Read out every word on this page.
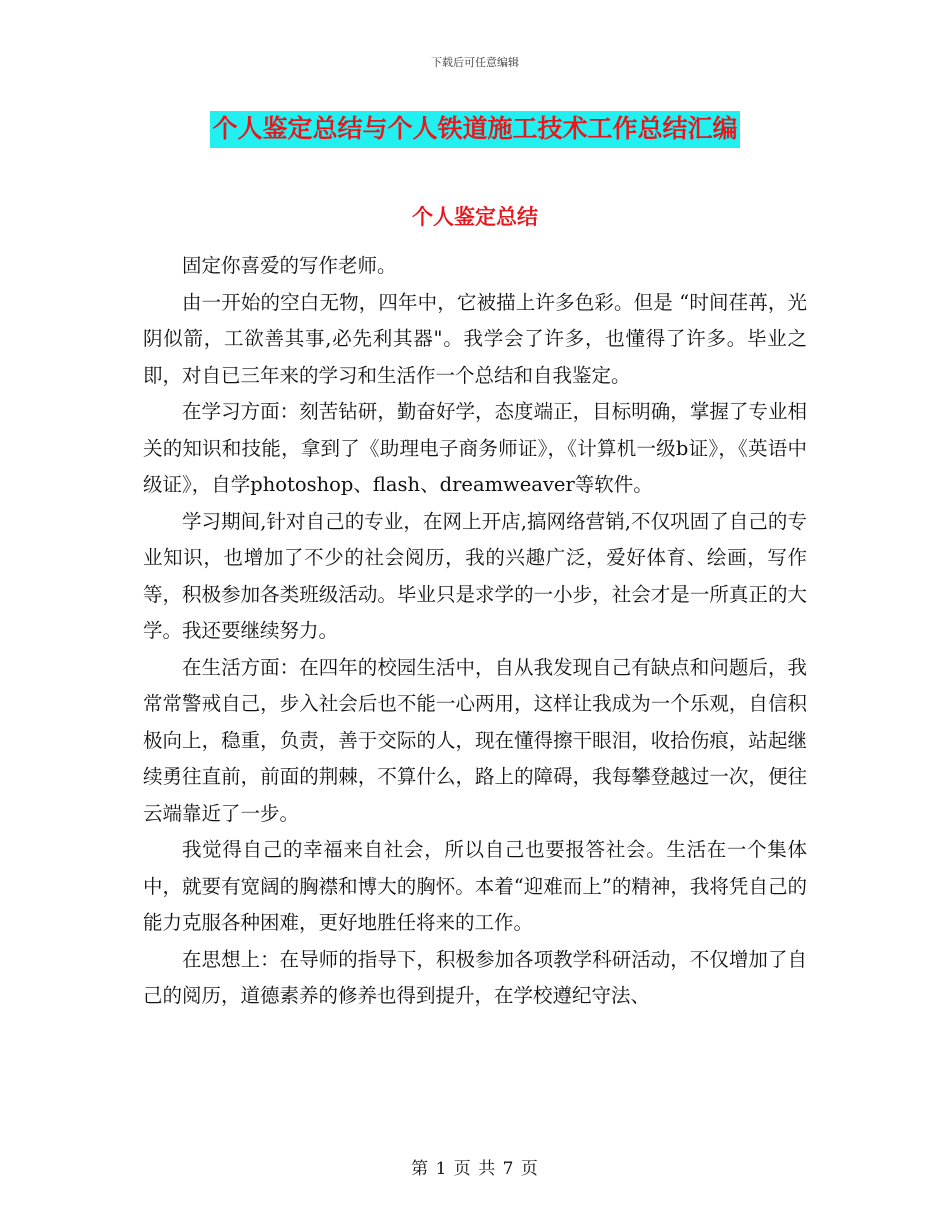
下载后可任意编辑
个人鉴定总结与个人铁道施工技术工作总结汇编
个人鉴定总结

固定你喜爱的写作老师。

由一开始的空白无物，四年中，它被描上许多色彩。但是 “时间荏苒，光阴似箭，工欲善其事,必先利其器"。我学会了许多，也懂得了许多。毕业之即，对自已三年来的学习和生活作一个总结和自我鉴定。

在学习方面：刻苦钻研，勤奋好学，态度端正，目标明确，掌握了专业相关的知识和技能，拿到了《助理电子商务师证》，《计算机一级b证》，《英语中级证》，自学photoshop、flash、dreamweaver等软件。

学习期间,针对自己的专业，在网上开店,搞网络营销,不仅巩固了自己的专业知识，也增加了不少的社会阅历，我的兴趣广泛，爱好体育、绘画，写作等，积极参加各类班级活动。毕业只是求学的一小步，社会才是一所真正的大学。我还要继续努力。

在生活方面：在四年的校园生活中，自从我发现自己有缺点和问题后，我常常警戒自己，步入社会后也不能一心两用，这样让我成为一个乐观，自信积极向上，稳重，负责，善于交际的人，现在懂得擦干眼泪，收拾伤痕，站起继续勇往直前，前面的荆棘，不算什么，路上的障碍，我每攀登越过一次，便往云端靠近了一步。

我觉得自己的幸福来自社会，所以自己也要报答社会。生活在一个集体中，就要有宽阔的胸襟和博大的胸怀。本着“迎难而上”的精神，我将凭自己的能力克服各种困难，更好地胜任将来的工作。

在思想上：在导师的指导下，积极参加各项教学科研活动，不仅增加了自己的阅历，道德素养的修养也得到提升，在学校遵纪守法、

第 1 页 共 7 页
